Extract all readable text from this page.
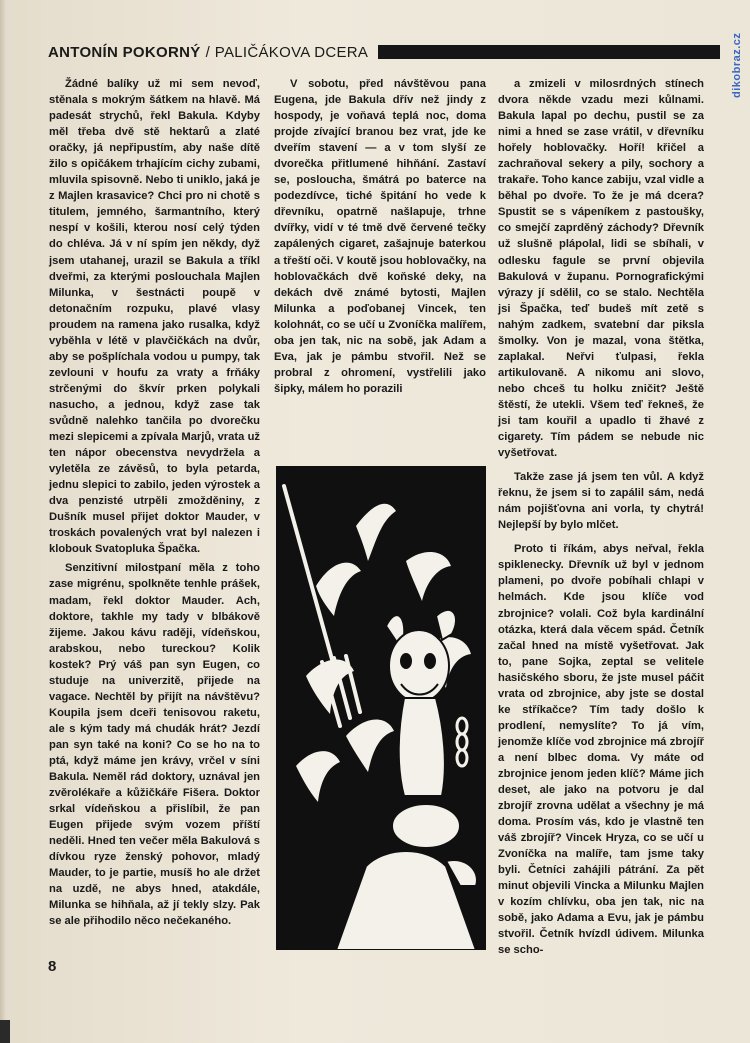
ANTONÍN POKORNÝ / PALIČÁKOVA DCERA	dikobraz.cz

Žádné balíky už mi sem nevoď, stěnala s mokrým šátkem na hlavě. Má padesát strychů, řekl Bakula. Kdyby měl třeba dvě stě hektarů a zlaté oračky, já nepřipustím, aby naše dítě žilo s opičákem trhajícím cichy zubami, mluvila spisovně. Nebo ti uniklo, jaká je z Majlen krasavice? Chci pro ni chotě s titulem, jemného, šarmantního, který nespí v košili, kterou nosí celý týden do chléva. Já v ní spím jen někdy, dyž jsem utahanej, urazil se Bakula a tříkl dveřmi, za kterými poslouchala Majlen Milunka, v šestnácti poupě v detonačním rozpuku, plavé vlasy proudem na ramena jako rusalka, když vyběhla v létě v plavčičkách na dvůr, aby se pošplíchala vodou u pumpy, tak zevlouni v houfu za vraty a frňáky strčenými do škvír prken polykali nasucho, a jednou, když zase tak svůdně nalehko tančila po dvorečku mezi slepicemi a zpívala Marjů, vrata už ten nápor obecenstva nevydržela a vyletěla ze závěsů, to byla petarda, jednu slepici to zabilo, jeden výrostek a dva penzisté utrpěli zmožděniny, z Dušník musel přijet doktor Mauder, v troskách povalených vrat byl nalezen i klobouk Svatopluka Špačka.

Senzitivní milostpaní měla z toho zase migrénu, spolkněte tenhle prášek, madam, řekl doktor Mauder. Ach, doktore, takhle my tady v blbákově žijeme. Jakou kávu raději, vídeňskou, arabskou, nebo tureckou? Kolik kostek? Prý váš pan syn Eugen, co studuje na univerzitě, přijede na vagace. Nechtěl by přijít na návštěvu? Koupila jsem dceři tenisovou raketu, ale s kým tady má chudák hrát? Jezdí pan syn také na koni? Co se ho na to ptá, když máme jen krávy, vrčel v síni Bakula. Neměl rád doktory, uznával jen zvěrolékaře a kůžičkáře Fišera. Doktor srkal vídeňskou a přislíbil, že pan Eugen přijede svým vozem příští neděli. Hned ten večer měla Bakulová s dívkou ryze ženský pohovor, mladý Mauder, to je partie, musíš ho ale držet na uzdě, ne abys hned, atakdále, Milunka se hihňala, až jí tekly slzy. Pak se ale přihodilo něco nečekaného.

V sobotu, před návštěvou pana Eugena, jde Bakula dřív než jindy z hospody, je voňavá teplá noc, doma projde zívající branou bez vrat, jde ke dveřím stavení — a v tom slyší ze dvorečka přitlumené hihňání. Zastaví se, posloucha, šmátrá po baterce na podezdívce, tiché špitání ho vede k dřevníku, opatrně našlapuje, trhne dvířky, vidí v té tmě dvě červené tečky zapálených cigaret, zašajnuje baterkou a třeští oči. V koutě jsou hoblovačky, na hoblovačkách dvě koňské deky, na dekách dvě známé bytosti, Majlen Milunka a poďobanej Vincek, ten kolohnát, co se učí u Zvoníčka malířem, oba jen tak, nic na sobě, jak Adam a Eva, jak je pámbu stvořil. Než se probral z ohromení, vystřelili jako šipky, málem ho porazili

a zmizeli v milosrdných stínech dvora někde vzadu mezi kůlnami. Bakula lapal po dechu, pustil se za nimi a hned se zase vrátil, v dřevníku hořely hoblovačky. Hoří! křičel a zachraňoval sekery a pily, sochory a trakaře. Toho kance zabiju, vzal vidle a běhal po dvoře. To že je má dcera? Spustit se s vápeníkem z pastoušky, co smejčí zaprděný záchody? Dřevník už slušně plápolal, lidi se sbíhali, v odlesku fagule se první objevila Bakulová v županu. Pornografickými výrazy jí sdělil, co se stalo. Nechtěla jsi Špačka, teď budeš mít zetě s nahým zadkem, svatební dar piksla šmolky. Von je mazal, vona štětka, zaplakal. Neřvi ťulpasi, řekla artikulovaně. A nikomu ani slovo, nebo chceš tu holku zničit? Ještě štěstí, že utekli. Všem teď řekneš, že jsi tam kouřil a upadlo ti žhavé z cigarety. Tím pádem se nebude nic vyšetřovat.

Takže zase já jsem ten vůl. A když řeknu, že jsem si to zapálil sám, nedá nám pojišťovna ani vorla, ty chytrá! Nejlepší by bylo mlčet.

Proto ti říkám, abys neřval, řekla spiklenecky. Dřevník už byl v jednom plameni, po dvoře pobíhali chlapi v helmách. Kde jsou klíče vod zbrojnice? volali. Což byla kardinální otázka, která dala věcem spád. Četník začal hned na místě vyšetřovat. Jak to, pane Sojka, zeptal se velitele hasičského sboru, že jste musel páčit vrata od zbrojnice, aby jste se dostal ke stříkačce? Tím tady došlo k prodlení, nemyslíte? To já vím, jenomže klíče vod zbrojnice má zbrojíř a není blbec doma. Vy máte od zbrojnice jenom jeden klíč? Máme jich deset, ale jako na potvoru je dal zbrojíř zrovna udělat a všechny je má doma. Prosím vás, kdo je vlastně ten váš zbrojíř? Vincek Hryza, co se učí u Zvoníčka na malíře, tam jsme taky byli. Četníci zahájili pátrání. Za pět minut objevili Vincka a Milunku Majlen v kozím chlívku, oba jen tak, nic na sobě, jako Adama a Evu, jak je pámbu stvořil. Četník hvízdl údivem. Milunka se scho-

8
